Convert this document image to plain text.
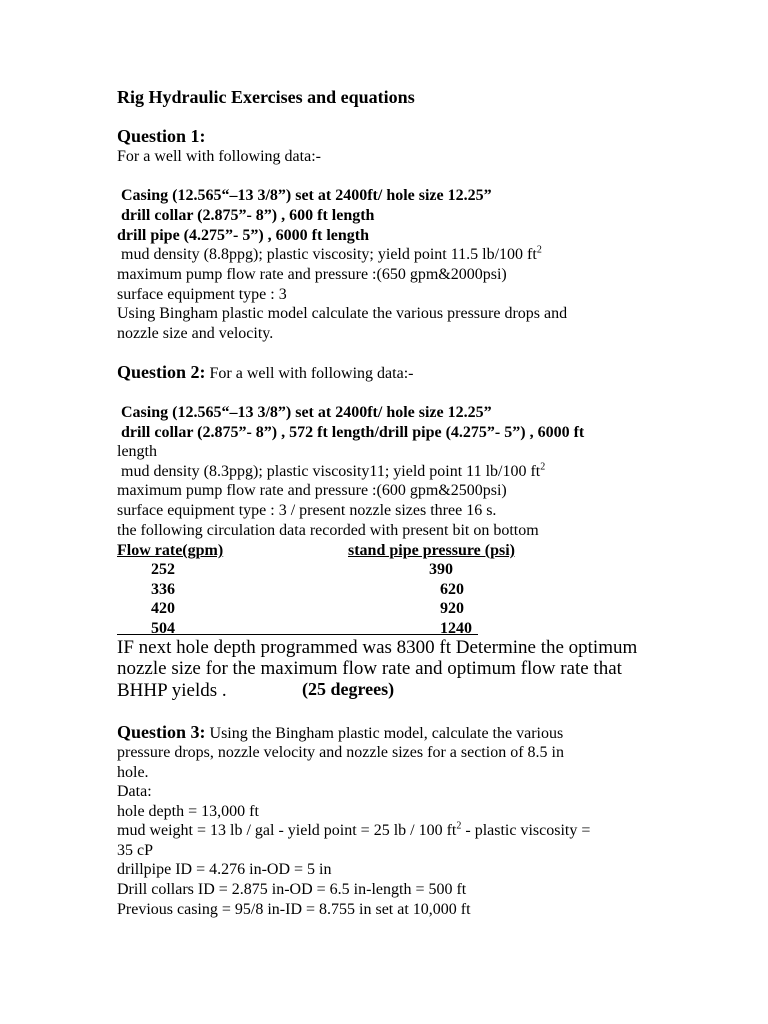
Rig Hydraulic Exercises and equations
Question 1:
For a well with following data:-
Casing (12.565“–13 3/8”) set at 2400ft/ hole size 12.25”
drill collar (2.875”- 8”) , 600 ft length
drill pipe (4.275”- 5”) , 6000 ft length
mud density (8.8ppg); plastic viscosity; yield point 11.5 lb/100 $ft^2$
maximum pump flow rate and pressure :(650 gpm&2000psi)
surface equipment type : 3
Using Bingham plastic model calculate the various pressure drops and
nozzle size and velocity.
Question 2: For a well with following data:-
Casing (12.565“–13 3/8”) set at 2400ft/ hole size 12.25”
drill collar (2.875”- 8”) , 572 ft length/drill pipe (4.275”- 5”) , 6000 ft
length
mud density (8.3ppg); plastic viscosity11; yield point 11 lb/100 $ft^2$
maximum pump flow rate and pressure :(600 gpm&2500psi)
surface equipment type : 3 / present nozzle sizes three 16 s.
the following circulation data recorded with present bit on bottom
Flow rate(gpm)	stand pipe pressure (psi)
252	390
336	620
420	920
504	1240
IF next hole depth programmed was 8300 ft Determine the optimum
nozzle size for the maximum flow rate and optimum flow rate that
BHHP yields .	(25 degrees)
Question 3: Using the Bingham plastic model, calculate the various
pressure drops, nozzle velocity and nozzle sizes for a section of 8.5 in
hole.
Data:
hole depth = 13,000 ft
mud weight = 13 lb / gal - yield point = 25 lb / 100 $ft^2$ - plastic viscosity =
35 cP
drillpipe ID = 4.276 in-OD = 5 in
Drill collars ID = 2.875 in-OD = 6.5 in-length = 500 ft
Previous casing = 95/8 in-ID = 8.755 in set at 10,000 ft
